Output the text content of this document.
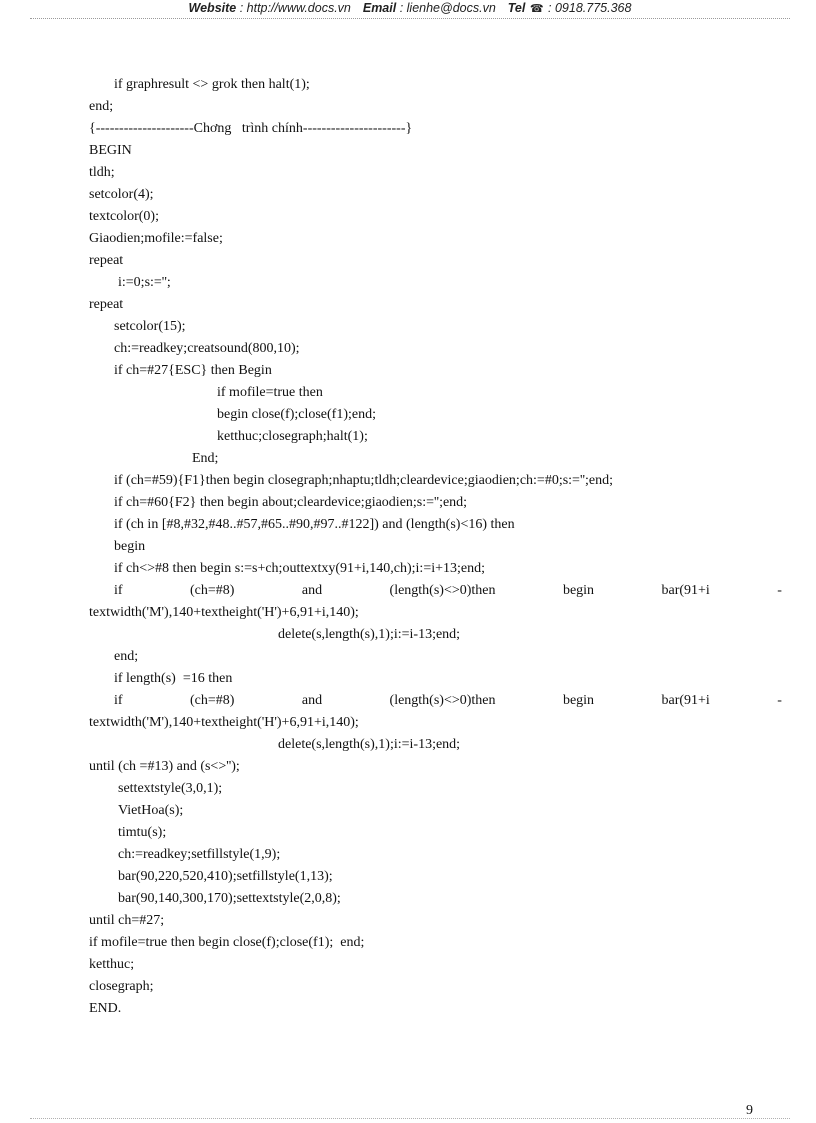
Website : http://www.docs.vn Email : lienhe@docs.vn Tel ☎ : 0918.775.368
if graphresult <> grok then halt(1);
end;
{---------------------Chơng   trình chính----------------------}
BEGIN
tldh;
setcolor(4);
textcolor(0);
Giaodien;mofile:=false;
repeat
i:=0;s:='';
repeat
setcolor(15);
ch:=readkey;creatsound(800,10);
if ch=#27{ESC} then Begin
if mofile=true then
begin close(f);close(f1);end;
ketthuc;closegraph;halt(1);
End;
if (ch=#59){F1}then begin closegraph;nhaptu;tldh;cleardevice;giaodien;ch:=#0;s:='';end;
if ch=#60{F2} then begin about;cleardevice;giaodien;s:='';end;
if (ch in [#8,#32,#48..#57,#65..#90,#97..#122]) and (length(s)<16) then
begin
if ch<>#8 then begin s:=s+ch;outtextxy(91+i,140,ch);i:=i+13;end;
if	(ch=#8)	and	(length(s)<>0)then	begin	bar(91+i	-
textwidth('M'),140+textheight('H')+6,91+i,140);
delete(s,length(s),1);i:=i-13;end;
end;
if length(s)  =16 then
if	(ch=#8)	and	(length(s)<>0)then	begin	bar(91+i	-
textwidth('M'),140+textheight('H')+6,91+i,140);
delete(s,length(s),1);i:=i-13;end;
until (ch =#13) and (s<>'');
settextstyle(3,0,1);
VietHoa(s);
timtu(s);
ch:=readkey;setfillstyle(1,9);
bar(90,220,520,410);setfillstyle(1,13);
bar(90,140,300,170);settextstyle(2,0,8);
until ch=#27;
if mofile=true then begin close(f);close(f1);  end;
ketthuc;
closegraph;
END.
9
